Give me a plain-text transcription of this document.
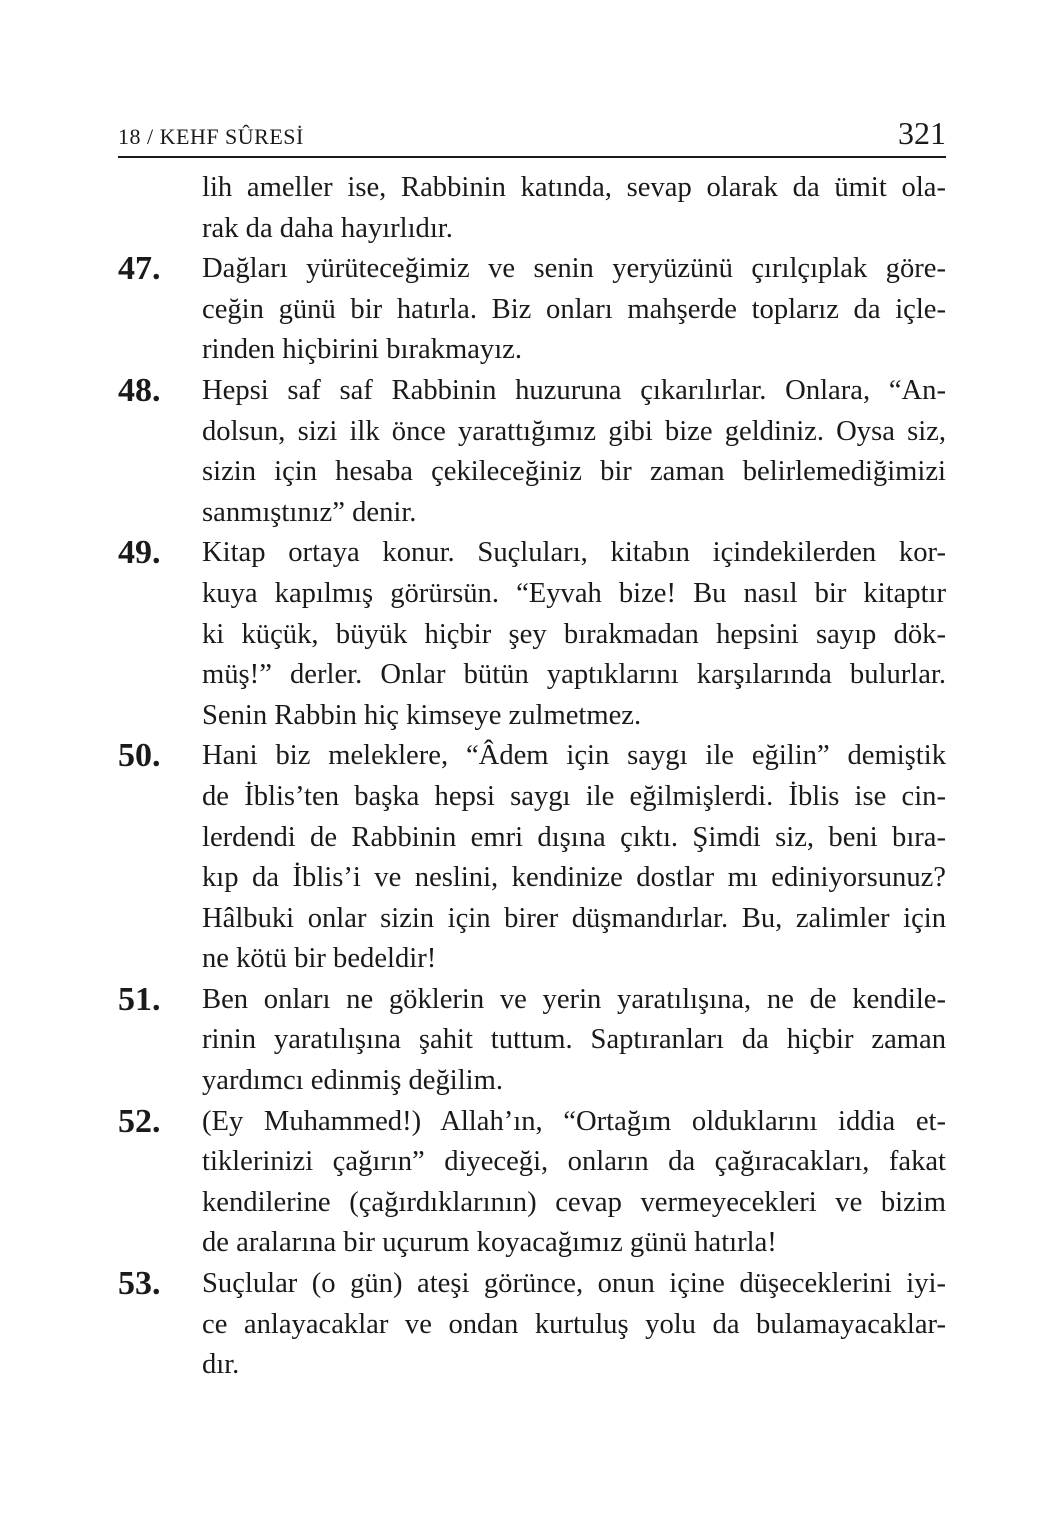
18 / KEHF SÛRESİ	321
lih ameller ise, Rabbinin katında, sevap olarak da ümit ola-
rak da daha hayırlıdır.
47. Dağları yürüteceğimiz ve senin yeryüzünü çırılçıplak göre-
ceğin günü bir hatırla. Biz onları mahşerde toplarız da içle-
rinden hiçbirini bırakmayız.
48. Hepsi saf saf Rabbinin huzuruna çıkarılırlar. Onlara, “An-
dolsun, sizi ilk önce yarattığımız gibi bize geldiniz. Oysa siz,
sizin için hesaba çekileceğiniz bir zaman belirlemediğimizi
sanmıştınız” denir.
49. Kitap ortaya konur. Suçluları, kitabın içindekilerden kor-
kuya kapılmış görürsün. “Eyvah bize! Bu nasıl bir kitaptır
ki küçük, büyük hiçbir şey bırakmadan hepsini sayıp dök-
müş!” derler. Onlar bütün yaptıklarını karşılarında bulurlar.
Senin Rabbin hiç kimseye zulmetmez.
50. Hani biz meleklere, “Âdem için saygı ile eğilin” demiştik
de İblis’ten başka hepsi saygı ile eğilmişlerdi. İblis ise cin-
lerdendi de Rabbinin emri dışına çıktı. Şimdi siz, beni bıra-
kıp da İblis’i ve neslini, kendinize dostlar mı ediniyorsunuz?
Hâlbuki onlar sizin için birer düşmandırlar. Bu, zalimler için
ne kötü bir bedeldir!
51. Ben onları ne göklerin ve yerin yaratılışına, ne de kendile-
rinin yaratılışına şahit tuttum. Saptıranları da hiçbir zaman
yardımcı edinmiş değilim.
52. (Ey Muhammed!) Allah’ın, “Ortağım olduklarını iddia et-
tiklerinizi çağırın” diyeceği, onların da çağıracakları, fakat
kendilerine (çağırdıklarının) cevap vermeyecekleri ve bizim
de aralarına bir uçurum koyacağımız günü hatırla!
53. Suçlular (o gün) ateşi görünce, onun içine düşeceklerini iyi-
ce anlayacaklar ve ondan kurtuluş yolu da bulamayacaklar-
dır.
